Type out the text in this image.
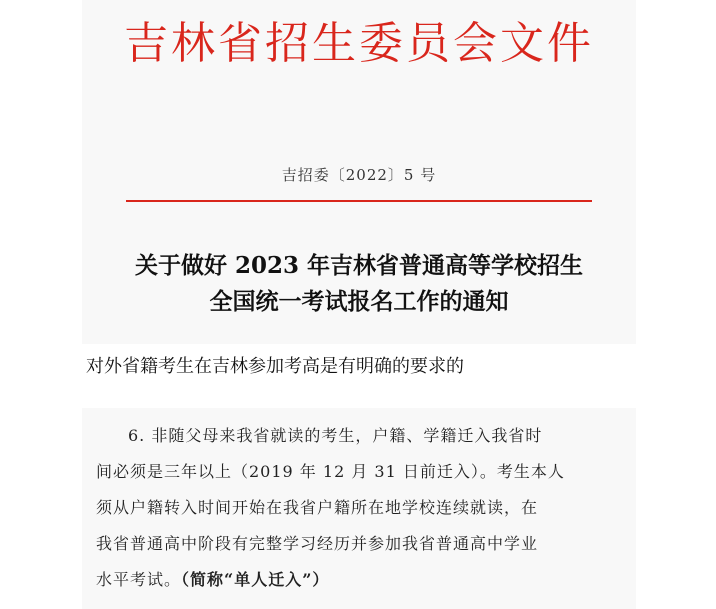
吉林省招生委员会文件
吉招委〔2022〕5 号
关于做好 2023 年吉林省普通高等学校招生
全国统一考试报名工作的通知
对外省籍考生在吉林参加考高是有明确的要求的
6. 非随父母来我省就读的考生，户籍、学籍迁入我省时
间必须是三年以上（2019 年 12 月 31 日前迁入）。考生本人
须从户籍转入时间开始在我省户籍所在地学校连续就读，在
我省普通高中阶段有完整学习经历并参加我省普通高中学业
水平考试。（简称“单人迁入”）
